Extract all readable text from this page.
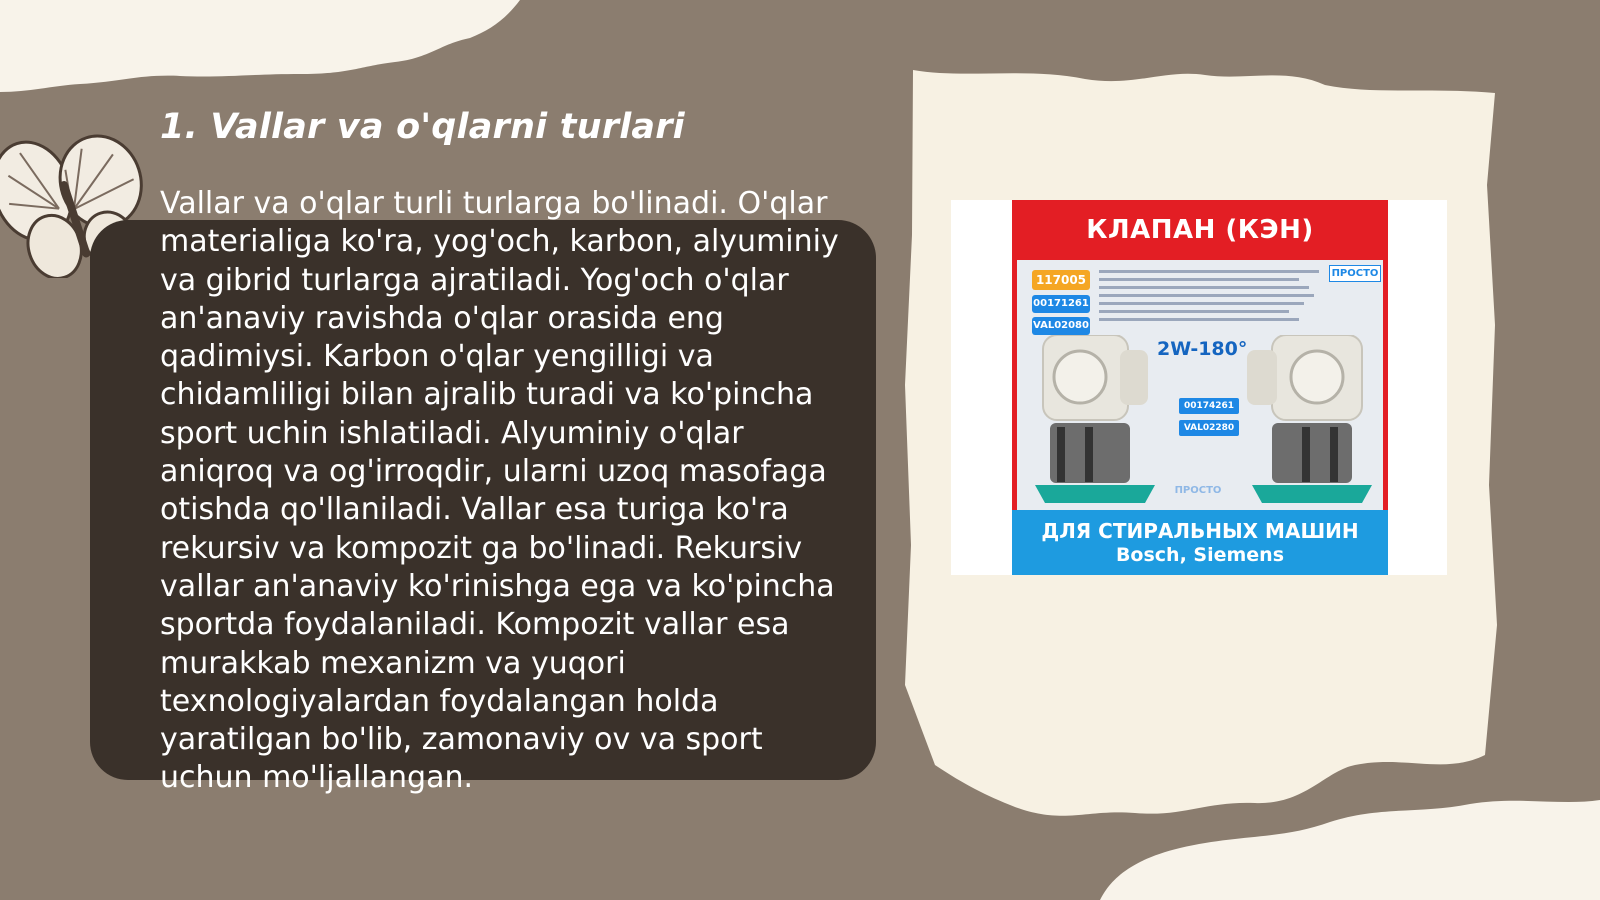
1. Vallar va o'qlarni turlari

Vallar va o'qlar turli turlarga bo'linadi. O'qlar materialiga ko'ra, yog'och, karbon, alyuminiy va gibrid turlarga ajratiladi. Yog'och o'qlar an'anaviy ravishda o'qlar orasida eng qadimiysi. Karbon o'qlar yengilligi va chidamliligi bilan ajralib turadi va ko'pincha sport uchin ishlatiladi. Alyuminiy o'qlar aniqroq va og'irroqdir, ularni uzoq masofaga otishda qo'llaniladi. Vallar esa turiga ko'ra rekursiv va kompozit ga bo'linadi. Rekursiv vallar an'anaviy ko'rinishga ega va ko'pincha sportda foydalaniladi. Kompozit vallar esa murakkab mexanizm va yuqori texnologiyalardan foydalangan holda yaratilgan bo'lib, zamonaviy ov va sport uchun mo'ljallangan.

КЛАПАН (КЭН)
117005
00171261
VAL02080
ПРОСТО
2W-180°
00174261
VAL02280
ПРОСТО
ДЛЯ СТИРАЛЬНЫХ МАШИН
Bosch, Siemens
